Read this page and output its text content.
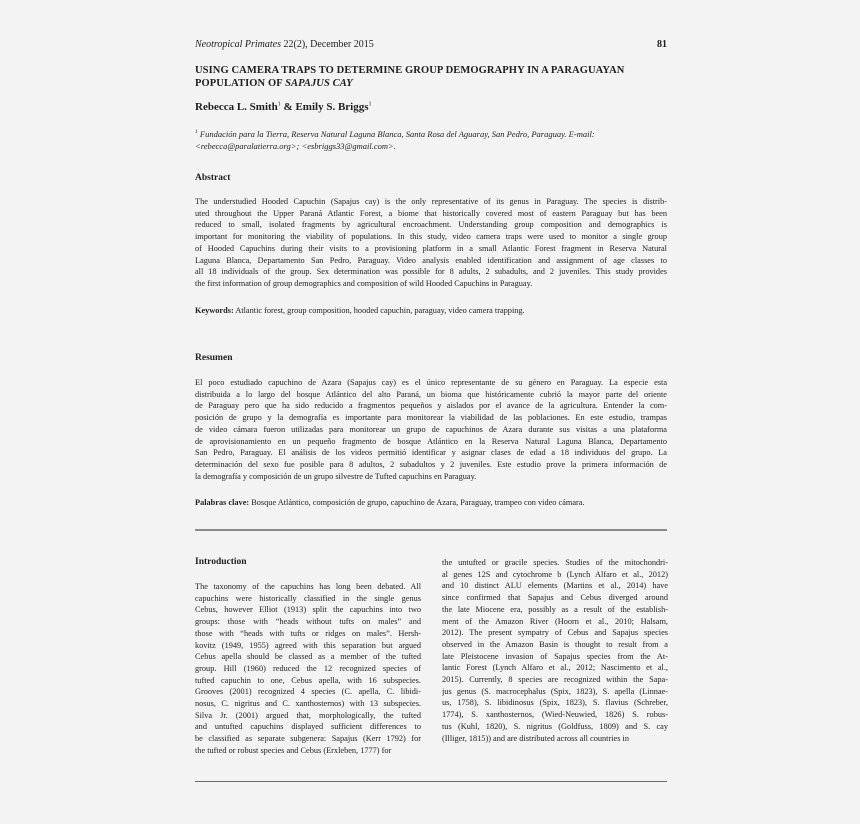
Neotropical Primates 22(2), December 2015	81
USING CAMERA TRAPS TO DETERMINE GROUP DEMOGRAPHY IN A PARAGUAYAN
POPULATION OF SAPAJUS CAY
Rebecca L. Smith$^1$ & Emily S. Briggs$^1$
$^1$ Fundación para la Tierra, Reserva Natural Laguna Blanca, Santa Rosa del Aguaray, San Pedro, Paraguay. E-mail:
<rebecca@paralatierra.org>; <esbriggs33@gmail.com>.
Abstract
The understudied Hooded Capuchin (Sapajus cay) is the only representative of its genus in Paraguay. The species is distrib-
uted throughout the Upper Paraná Atlantic Forest, a biome that historically covered most of eastern Paraguay but has been
reduced to small, isolated fragments by agricultural encroachment. Understanding group composition and demographics is
important for monitoring the viability of populations. In this study, video camera traps were used to monitor a single group
of Hooded Capuchins during their visits to a provisioning platform in a small Atlantic Forest fragment in Reserva Natural
Laguna Blanca, Departamento San Pedro, Paraguay. Video analysis enabled identification and assignment of age classes to
all 18 individuals of the group. Sex determination was possible for 8 adults, 2 subadults, and 2 juveniles. This study provides
the first information of group demographics and composition of wild Hooded Capuchins in Paraguay.
Keywords: Atlantic forest, group composition, hooded capuchin, paraguay, video camera trapping.
Resumen
El poco estudiado capuchino de Azara (Sapajus cay) es el único representante de su género en Paraguay. La especie esta
distribuida a lo largo del bosque Atlántico del alto Paraná, un bioma que históricamente cubrió la mayor parte del oriente
de Paraguay pero que ha sido reducido a fragmentos pequeños y aislados por el avance de la agricultura. Entender la com-
posición de grupo y la demografía es importante para monitorear la viabilidad de las poblaciones. En este estudio, trampas
de video cámara fueron utilizadas para monitorear un grupo de capuchinos de Azara durante sus visitas a una plataforma
de aprovisionamiento en un pequeño fragmento de bosque Atlántico en la Reserva Natural Laguna Blanca, Departamento
San Pedro, Paraguay. El análisis de los videos permitió identificar y asignar clases de edad a 18 individuos del grupo. La
determinación del sexo fue posible para 8 adultos, 2 subadultos y 2 juveniles. Este estudio prove la primera información de
la demografía y composición de un grupo silvestre de Tufted capuchins en Paraguay.
Palabras clave: Bosque Atlántico, composición de grupo, capuchino de Azara, Paraguay, trampeo con video cámara.
Introduction
The taxonomy of the capuchins has long been debated. All
capuchins were historically classified in the single genus
Cebus, however Elliot (1913) split the capuchins into two
groups: those with “heads without tufts on males” and
those with “heads with tufts or ridges on males”. Hersh-
kovitz (1949, 1955) agreed with this separation but argued
Cebus apella should be classed as a member of the tufted
group. Hill (1960) reduced the 12 recognized species of
tufted capuchin to one, Cebus apella, with 16 subspecies.
Grooves (2001) recognized 4 species (C. apella, C. libidi-
nosus, C. nigritus and C. xanthosternos) with 13 subspecies.
Silva Jr. (2001) argued that, morphologically, the tufted
and untufted capuchins displayed sufficient differences to
be classified as separate subgenera: Sapajus (Kerr 1792) for
the tufted or robust species and Cebus (Erxleben, 1777) for
the untufted or gracile species. Studies of the mitochondri-
al genes 12S and cytochrome b (Lynch Alfaro et al., 2012)
and 10 distinct ALU elements (Martins et al., 2014) have
since confirmed that Sapajus and Cebus diverged around
the late Miocene era, possibly as a result of the establish-
ment of the Amazon River (Hoorn et al., 2010; Halsam,
2012). The present sympatry of Cebus and Sapajus species
observed in the Amazon Basin is thought to result from a
late Pleistocene invasion of Sapajus species from the At-
lantic Forest (Lynch Alfaro et al., 2012; Nascimento et al.,
2015). Currently, 8 species are recognized within the Sapa-
jus genus (S. macrocephalus (Spix, 1823), S. apella (Linnae-
us, 1758), S. libidinosus (Spix, 1823), S. flavius (Schreber,
1774), S. xanthosternos, (Wied-Neuwied, 1826) S. robus-
tus (Kuhl, 1820), S. nigritus (Goldfuss, 1809) and S. cay
(Illiger, 1815)) and are distributed across all countries in
